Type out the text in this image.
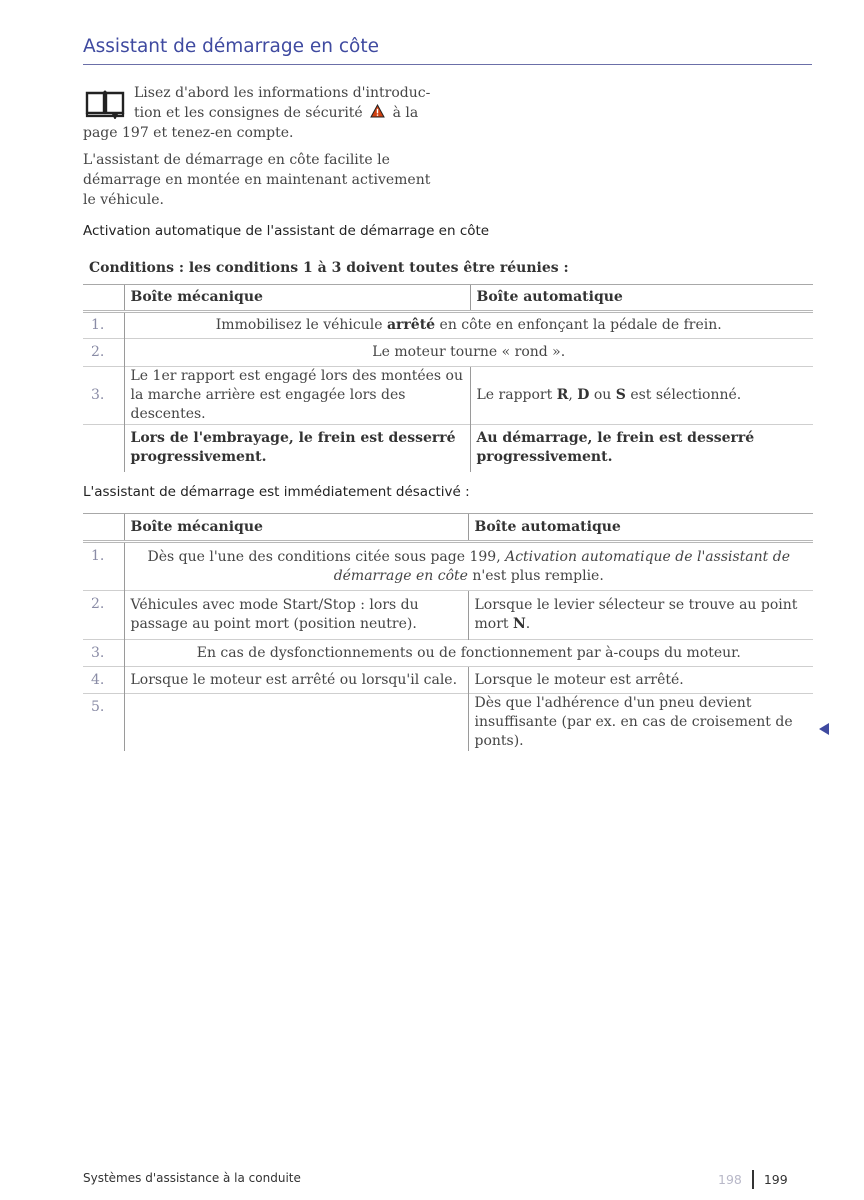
Assistant de démarrage en côte
Lisez d'abord les informations d'introduc-
tion et les consignes de sécurité à la
page 197 et tenez-en compte.
L'assistant de démarrage en côte facilite le démarrage en montée en maintenant activement le véhicule.
Activation automatique de l'assistant de démarrage en côte
Conditions : les conditions 1 à 3 doivent toutes être réunies :
	Boîte mécanique	Boîte automatique
1.	Immobilisez le véhicule arrêté en côte en enfonçant la pédale de frein.	
2.	Le moteur tourne « rond ».	
3.	Le 1er rapport est engagé lors des montées ou la marche arrière est engagée lors des descentes.	Le rapport R, D ou S est sélectionné.
	Lors de l'embrayage, le frein est desserré progressivement.	Au démarrage, le frein est desserré progressivement.
L'assistant de démarrage est immédiatement désactivé :
	Boîte mécanique	Boîte automatique
1.	Dès que l'une des conditions citée sous page 199, Activation automatique de l'assistant de démarrage en côte n'est plus remplie.	
2.	Véhicules avec mode Start/Stop : lors du passage au point mort (position neutre).	Lorsque le levier sélecteur se trouve au point mort N.
3.	En cas de dysfonctionnements ou de fonctionnement par à-coups du moteur.	
4.	Lorsque le moteur est arrêté ou lorsqu'il cale.	Lorsque le moteur est arrêté.
5.		Dès que l'adhérence d'un pneu devient insuffisante (par ex. en cas de croisement de ponts).
Systèmes d'assistance à la conduite	198 199
